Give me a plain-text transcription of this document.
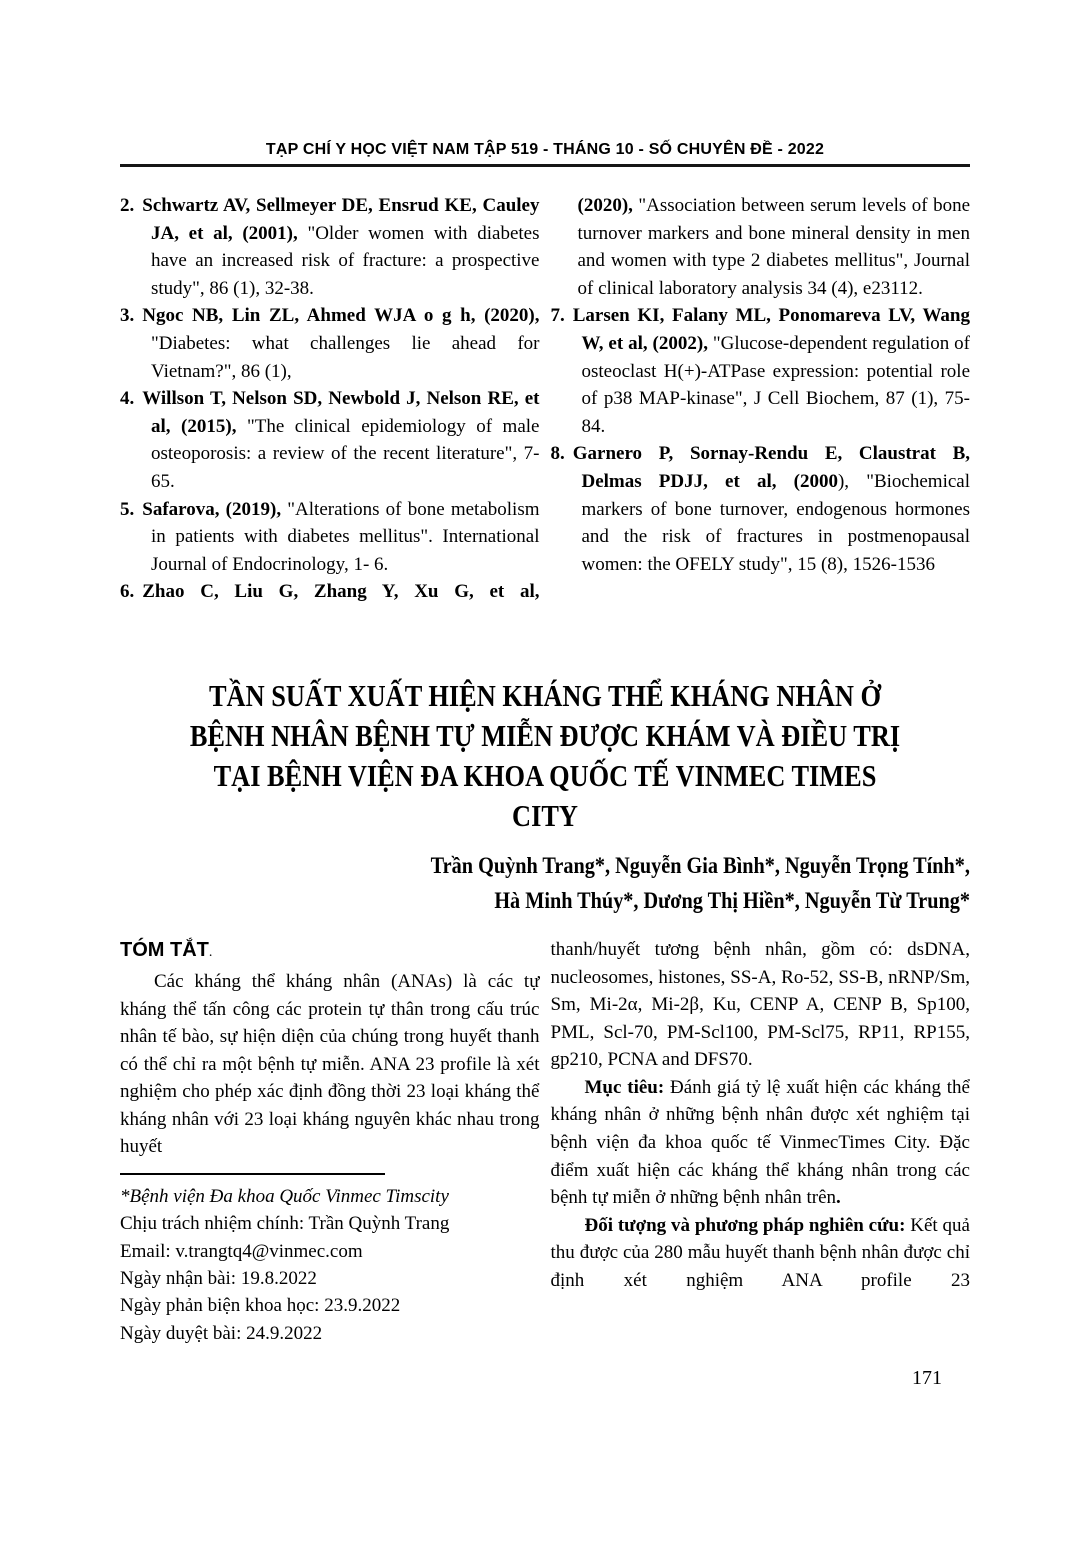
TẠP CHÍ Y HỌC VIỆT NAM TẬP 519 - THÁNG 10 - SỐ CHUYÊN ĐỀ - 2022
2. Schwartz AV, Sellmeyer DE, Ensrud KE, Cauley JA, et al, (2001), "Older women with diabetes have an increased risk of fracture: a prospective study", 86 (1), 32-38.
3. Ngoc NB, Lin ZL, Ahmed WJA o g h, (2020), "Diabetes: what challenges lie ahead for Vietnam?", 86 (1),
4. Willson T, Nelson SD, Newbold J, Nelson RE, et al, (2015), "The clinical epidemiology of male osteoporosis: a review of the recent literature", 7- 65.
5. Safarova, (2019), "Alterations of bone metabolism in patients with diabetes mellitus". International Journal of Endocrinology, 1- 6.
6. Zhao C, Liu G, Zhang Y, Xu G, et al,
(2020), "Association between serum levels of bone turnover markers and bone mineral density in men and women with type 2 diabetes mellitus", Journal of clinical laboratory analysis 34 (4), e23112.
7. Larsen KI, Falany ML, Ponomareva LV, Wang W, et al, (2002), "Glucose-dependent regulation of osteoclast H(+)-ATPase expression: potential role of p38 MAP-kinase", J Cell Biochem, 87 (1), 75-84.
8. Garnero P, Sornay-Rendu E, Claustrat B, Delmas PDJJ, et al, (2000), "Biochemical markers of bone turnover, endogenous hormones and the risk of fractures in postmenopausal women: the OFELY study", 15 (8), 1526-1536
TẦN SUẤT XUẤT HIỆN KHÁNG THỂ KHÁNG NHÂN Ở
BỆNH NHÂN BỆNH TỰ MIỄN ĐƯỢC KHÁM VÀ ĐIỀU TRỊ
TẠI BỆNH VIỆN ĐA KHOA QUỐC TẾ VINMEC TIMES CITY
Trần Quỳnh Trang*, Nguyễn Gia Bình*, Nguyễn Trọng Tính*,
Hà Minh Thúy*, Dương Thị Hiền*, Nguyễn Từ Trung*
TÓM TẮT.
Các kháng thể kháng nhân (ANAs) là các tự kháng thể tấn công các protein tự thân trong cấu trúc nhân tế bào, sự hiện diện của chúng trong huyết thanh có thể chỉ ra một bệnh tự miễn. ANA 23 profile là xét nghiệm cho phép xác định đồng thời 23 loại kháng thể kháng nhân với 23 loại kháng nguyên khác nhau trong huyết
*Bệnh viện Đa khoa Quốc Vinmec Timscity
Chịu trách nhiệm chính: Trần Quỳnh Trang
Email: v.trangtq4@vinmec.com
Ngày nhận bài: 19.8.2022
Ngày phản biện khoa học: 23.9.2022
Ngày duyệt bài: 24.9.2022
thanh/huyết tương bệnh nhân, gồm có: dsDNA, nucleosomes, histones, SS-A, Ro-52, SS-B, nRNP/Sm, Sm, Mi-2α, Mi-2β, Ku, CENP A, CENP B, Sp100, PML, Scl-70, PM-Scl100, PM-Scl75, RP11, RP155, gp210, PCNA and DFS70.
Mục tiêu: Đánh giá tỷ lệ xuất hiện các kháng thể kháng nhân ở những bệnh nhân được xét nghiệm tại bệnh viện đa khoa quốc tế VinmecTimes City. Đặc điểm xuất hiện các kháng thể kháng nhân trong các bệnh tự miễn ở những bệnh nhân trên.
Đối tượng và phương pháp nghiên cứu: Kết quả thu được của 280 mẫu huyết thanh bệnh nhân được chỉ định xét nghiệm ANA profile 23
171
